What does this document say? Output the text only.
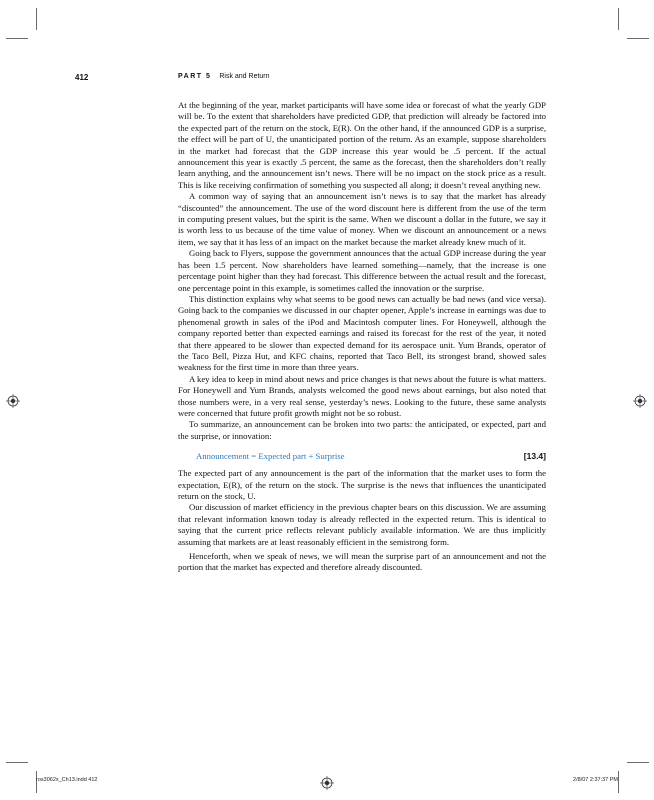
412	PART 5 Risk and Return

At the beginning of the year, market participants will have some idea or forecast of what the yearly GDP will be. To the extent that shareholders have predicted GDP, that prediction will already be factored into the expected part of the return on the stock, E(R). On the other hand, if the announced GDP is a surprise, the effect will be part of U, the unanticipated portion of the return. As an example, suppose shareholders in the market had forecast that the GDP increase this year would be .5 percent. If the actual announcement this year is exactly .5 percent, the same as the forecast, then the shareholders don’t really learn anything, and the announcement isn’t news. There will be no impact on the stock price as a result. This is like receiving confirmation of something you suspected all along; it doesn’t reveal anything new.

A common way of saying that an announcement isn’t news is to say that the market has already “discounted” the announcement. The use of the word discount here is different from the use of the term in computing present values, but the spirit is the same. When we discount a dollar in the future, we say it is worth less to us because of the time value of money. When we discount an announcement or a news item, we say that it has less of an impact on the market because the market already knew much of it.

Going back to Flyers, suppose the government announces that the actual GDP increase during the year has been 1.5 percent. Now shareholders have learned something—namely, that the increase is one percentage point higher than they had forecast. This difference between the actual result and the forecast, one percentage point in this example, is sometimes called the innovation or the surprise.

This distinction explains why what seems to be good news can actually be bad news (and vice versa). Going back to the companies we discussed in our chapter opener, Apple’s increase in earnings was due to phenomenal growth in sales of the iPod and Macintosh computer lines. For Honeywell, although the company reported better than expected earnings and raised its forecast for the rest of the year, it noted that there appeared to be slower than expected demand for its aerospace unit. Yum Brands, operator of the Taco Bell, Pizza Hut, and KFC chains, reported that Taco Bell, its strongest brand, showed sales weakness for the first time in more than three years.

A key idea to keep in mind about news and price changes is that news about the future is what matters. For Honeywell and Yum Brands, analysts welcomed the good news about earnings, but also noted that those numbers were, in a very real sense, yesterday’s news. Looking to the future, these same analysts were concerned that future profit growth might not be so robust.

To summarize, an announcement can be broken into two parts: the anticipated, or expected, part and the surprise, or innovation:

Announcement = Expected part + Surprise	[13.4]

The expected part of any announcement is the part of the information that the market uses to form the expectation, E(R), of the return on the stock. The surprise is the news that influences the unanticipated return on the stock, U.

Our discussion of market efficiency in the previous chapter bears on this discussion. We are assuming that relevant information known today is already reflected in the expected return. This is identical to saying that the current price reflects relevant publicly available information. We are thus implicitly assuming that markets are at least reasonably efficient in the semistrong form.

Henceforth, when we speak of news, we will mean the surprise part of an announcement and not the portion that the market has expected and therefore already discounted.

ros3062x_Ch13.indd 412	2/8/07 2:37:37 PM
